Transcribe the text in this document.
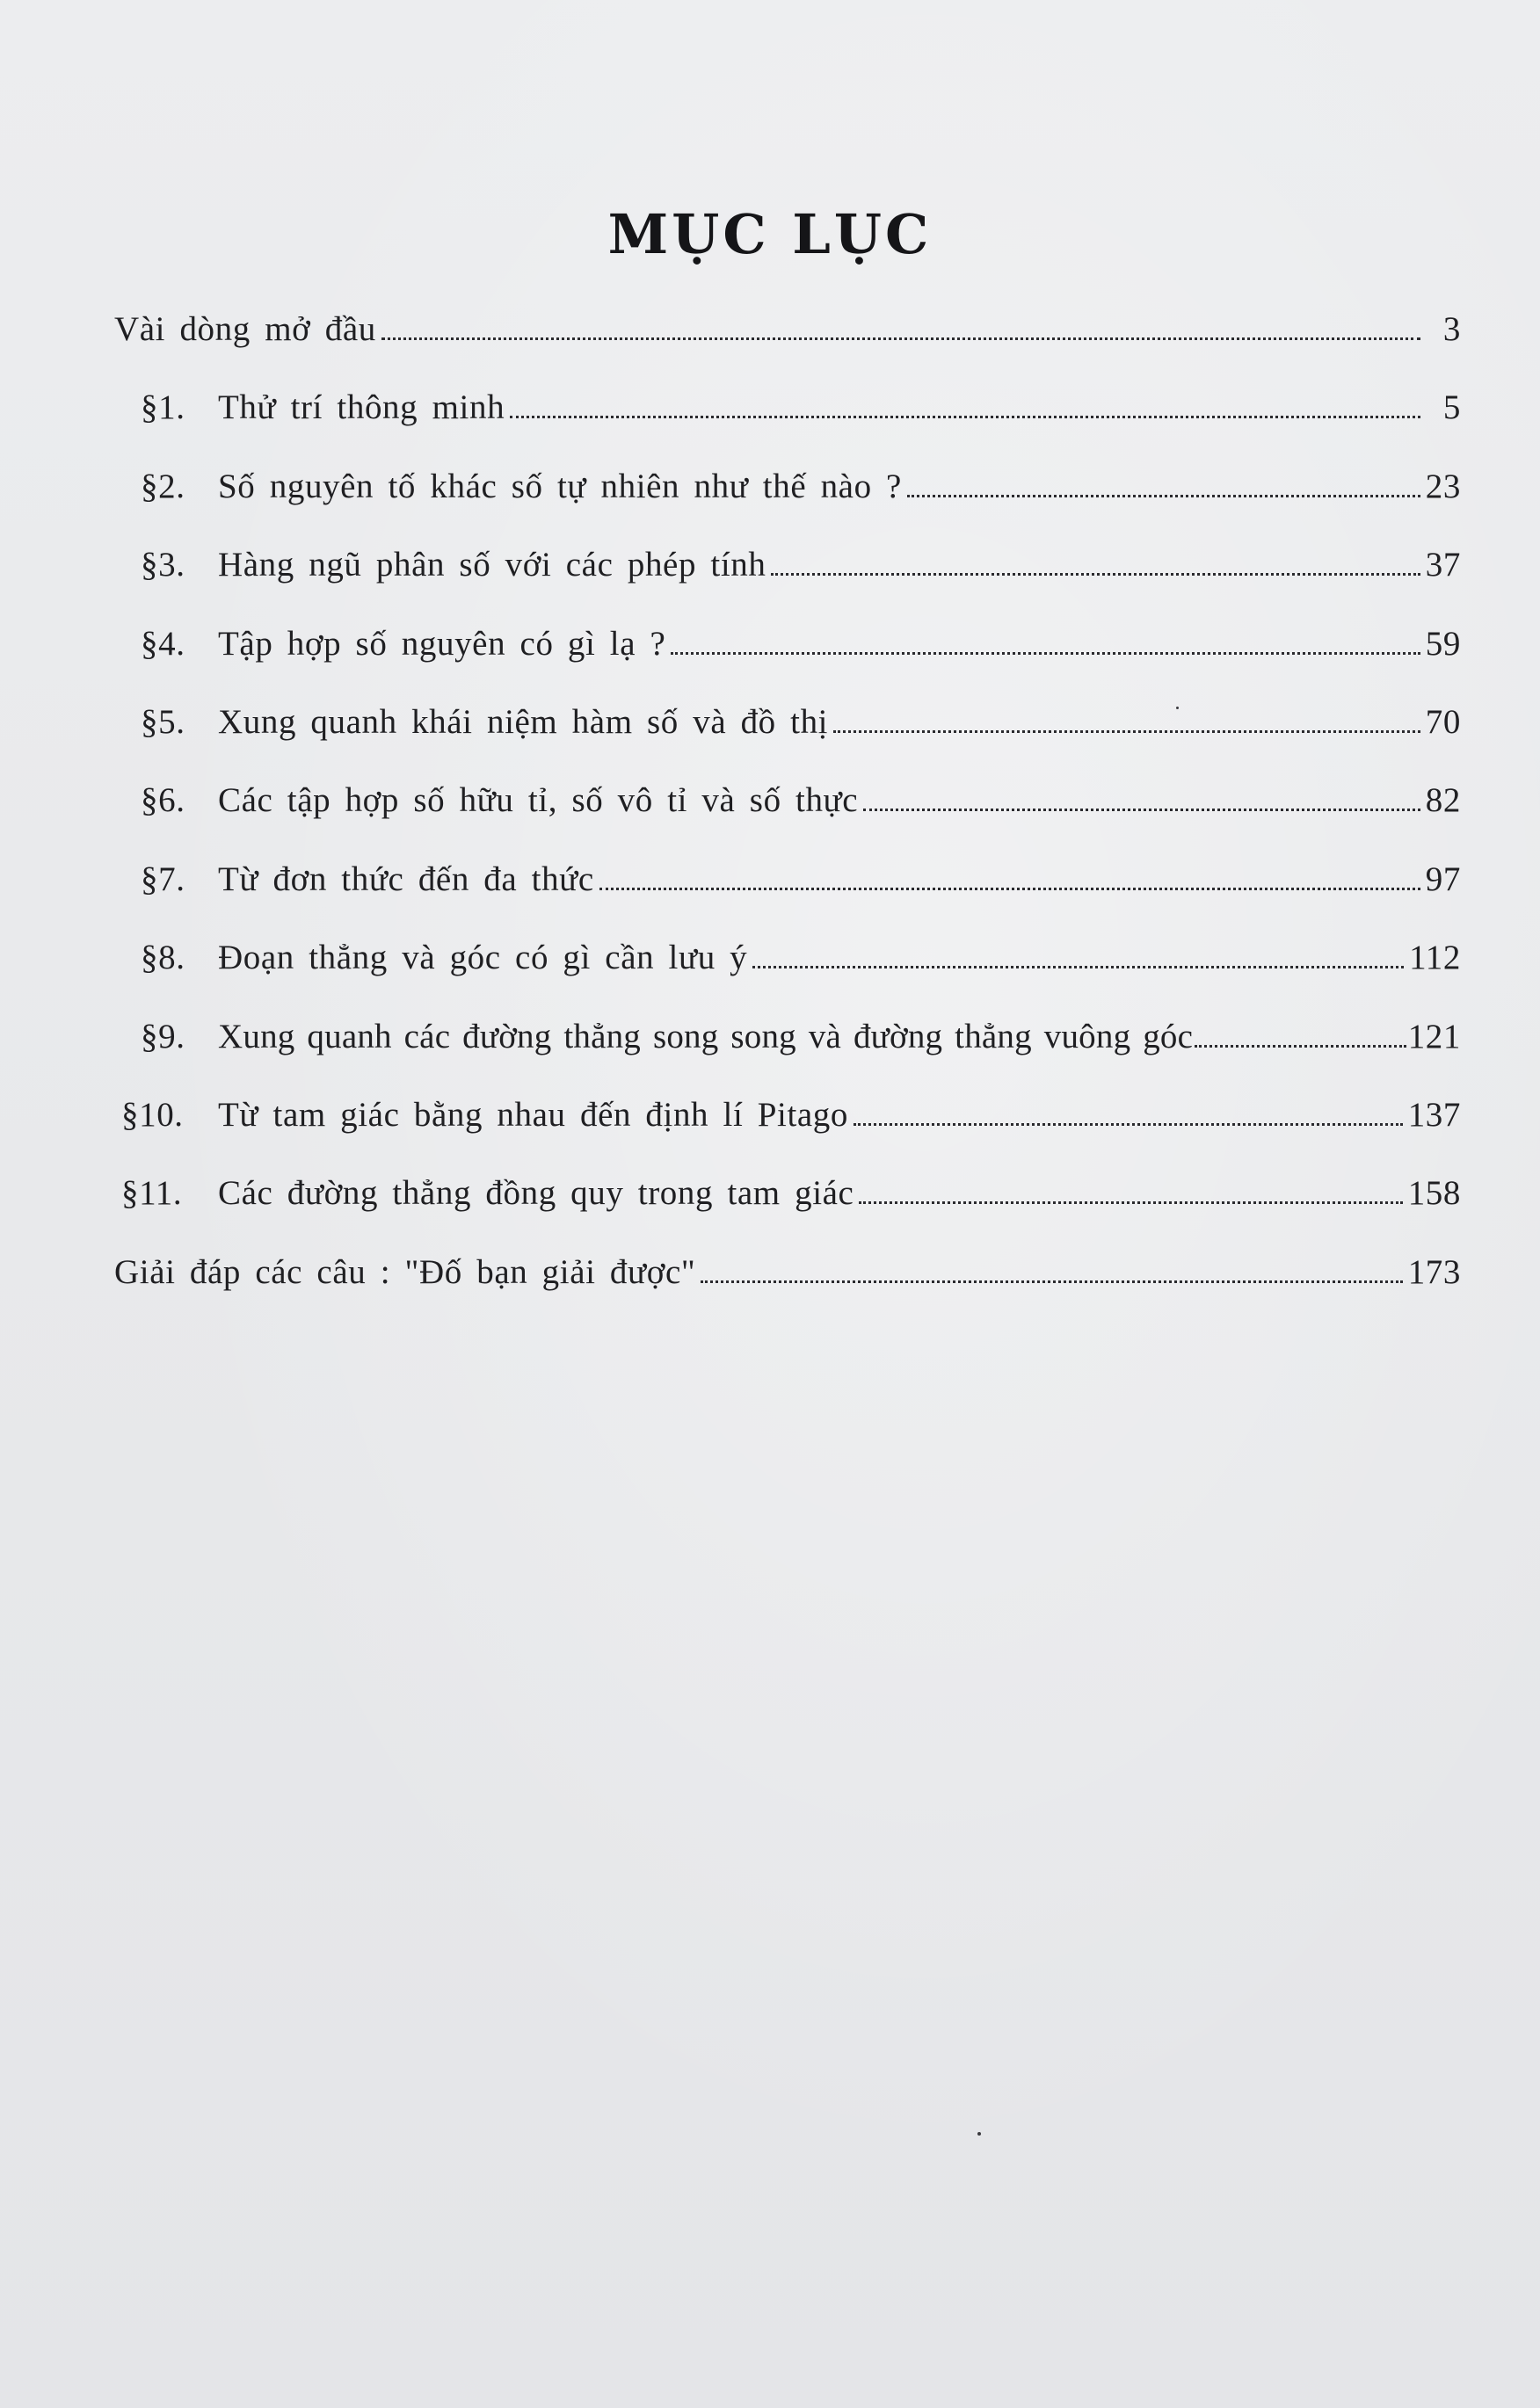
MỤC LỤC
Vài dòng mở đầu	3
§1. Thử trí thông minh	5
§2. Số nguyên tố khác số tự nhiên như thế nào ?	23
§3. Hàng ngũ phân số với các phép tính	37
§4. Tập hợp số nguyên có gì lạ ?	59
§5. Xung quanh khái niệm hàm số và đồ thị	70
§6. Các tập hợp số hữu tỉ, số vô tỉ và số thực	82
§7. Từ đơn thức đến đa thức	97
§8. Đoạn thẳng và góc có gì cần lưu ý	112
§9. Xung quanh các đường thẳng song song và đường thẳng vuông góc	121
§10.	Từ tam giác bằng nhau đến định lí Pitago	137
§11.	Các đường thẳng đồng quy trong tam giác	158
Giải đáp các câu : "Đố bạn giải được"	173
